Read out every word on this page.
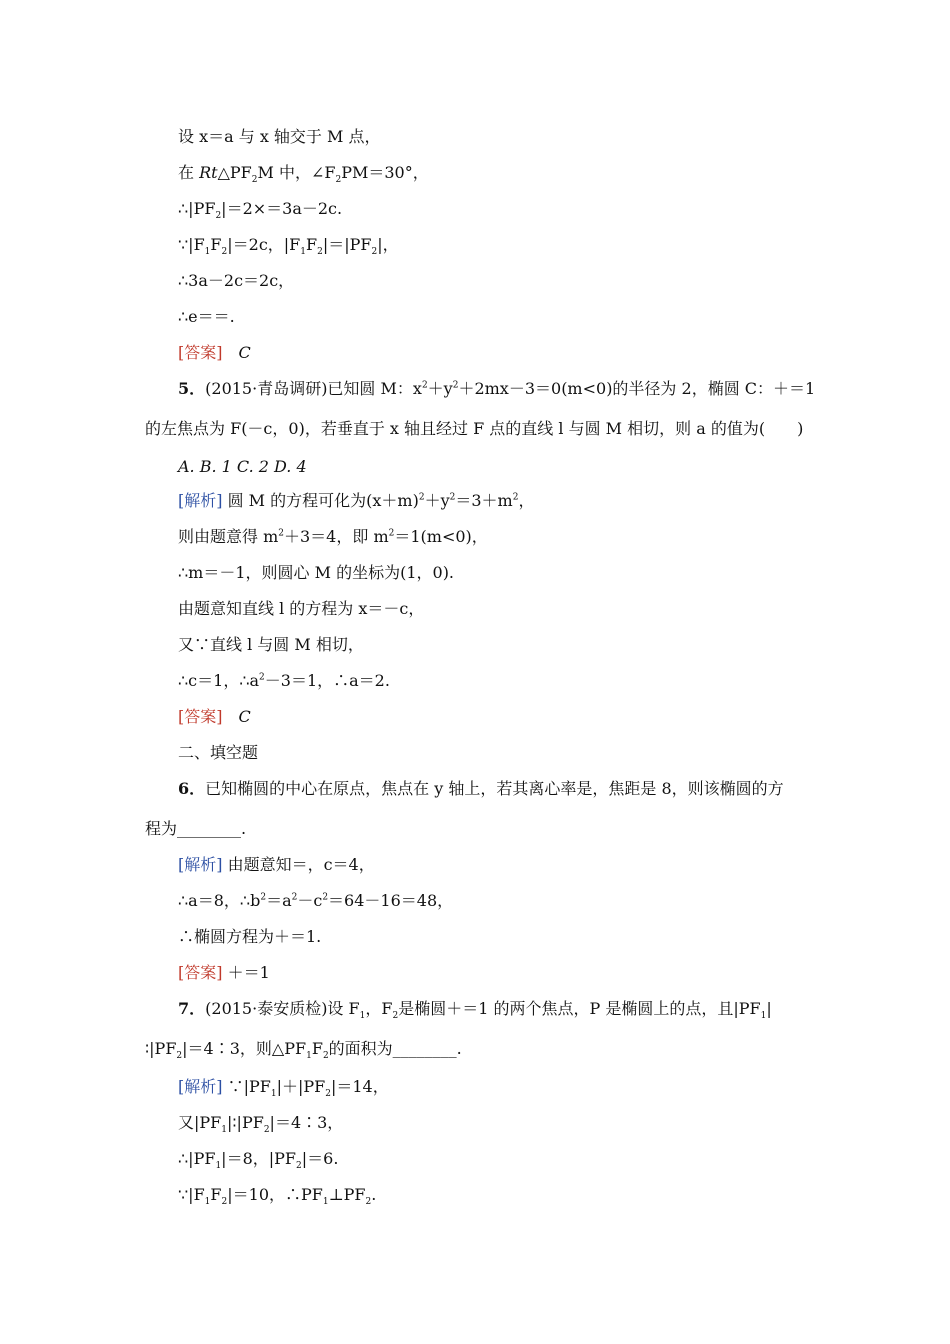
设 x＝a 与 x 轴交于 M 点，
在 $Rt\triangle PF_2M$ 中，$\angle F_2PM=30^\circ$，
$\therefore|PF_2|=2\times=3a-2c$.
$\because|F_1F_2|=2c$，$|F_1F_2|=|PF_2|$，
∴3a－2c＝2c，
∴e＝＝.
[答案]　 C
5．(2015·青岛调研)已知圆 M：$x^2+y^2+2mx-3=0(m<0)$的半径为 2，椭圆 C：＋＝1
的左焦点为 F(－c，0)，若垂直于 x 轴且经过 F 点的直线 l 与圆 M 相切，则 a 的值为(　　)
A. B. 1 C. 2 D. 4
[解析] 圆 M 的方程可化为$(x+m)^2+y^2=3+m^2$，
则由题意得 $m^2+3=4$，即 $m^2=1(m<0)$，
∴m＝－1，则圆心 M 的坐标为(1，0).
由题意知直线 l 的方程为 x＝－c，
又∵直线 l 与圆 M 相切，
∴c＝1，$\therefore a^2-3=1$，∴a＝2.
[答案]　 C
二、填空题
6．已知椭圆的中心在原点，焦点在 y 轴上，若其离心率是，焦距是 8，则该椭圆的方
程为________.
[解析] 由题意知＝，c＝4，
∴a＝8，$\therefore b^2=a^2-c^2=64-16=48$，
∴椭圆方程为＋＝1.
[答案] ＋＝1
7．(2015·泰安质检)设 $F_1$，$F_2$是椭圆＋＝1 的两个焦点，P 是椭圆上的点，且$|PF_1|$
$∶|PF_2|=4∶3$，则$\triangle PF_1F_2$的面积为________.
[解析] $\because|PF_1|+|PF_2|=14$，
又$|PF_1|∶|PF_2|=4∶3$，
$\therefore|PF_1|=8$，$|PF_2|=6$.
$\because|F_1F_2|=10$，$\therefore PF_1\perp PF_2$.
